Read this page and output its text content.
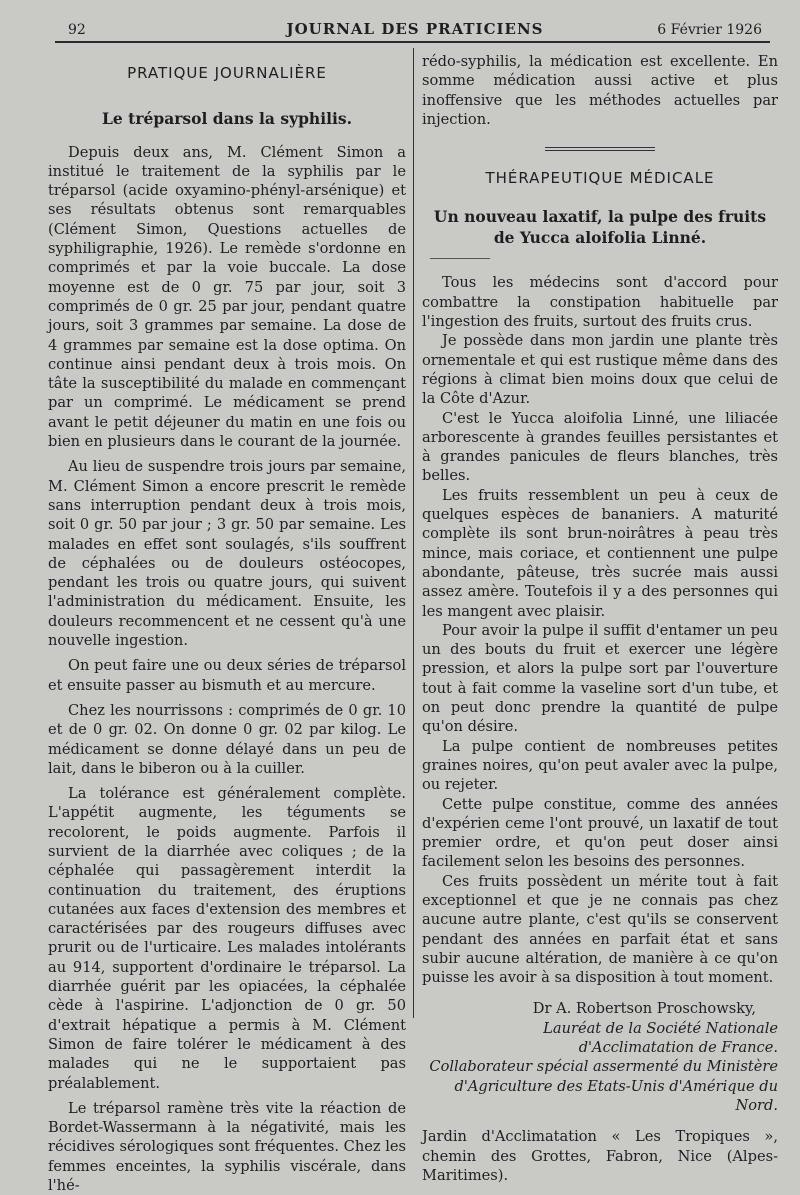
92	JOURNAL DES PRATICIENS	6 Février 1926
PRATIQUE JOURNALIÈRE
Le tréparsol dans la syphilis.

Depuis deux ans, M. Clément Simon a institué le traitement de la syphilis par le tréparsol (acide oxyamino-phényl-arsénique) et ses résultats obtenus sont remarquables (Clément Simon, Questions actuelles de syphiligraphie, 1926). Le remède s'ordonne en comprimés et par la voie buccale. La dose moyenne est de 0 gr. 75 par jour, soit 3 comprimés de 0 gr. 25 par jour, pendant quatre jours, soit 3 grammes par semaine. La dose de 4 grammes par semaine est la dose optima. On continue ainsi pendant deux à trois mois. On tâte la susceptibilité du malade en commençant par un comprimé. Le médicament se prend avant le petit déjeuner du matin en une fois ou bien en plusieurs dans le courant de la journée.

Au lieu de suspendre trois jours par semaine, M. Clément Simon a encore prescrit le remède sans interruption pendant deux à trois mois, soit 0 gr. 50 par jour ; 3 gr. 50 par semaine. Les malades en effet sont soulagés, s'ils souffrent de céphalées ou de douleurs ostéocopes, pendant les trois ou quatre jours, qui suivent l'administration du médicament. Ensuite, les douleurs recommencent et ne cessent qu'à une nouvelle ingestion.

On peut faire une ou deux séries de tréparsol et ensuite passer au bismuth et au mercure.

Chez les nourrissons : comprimés de 0 gr. 10 et de 0 gr. 02. On donne 0 gr. 02 par kilog. Le médicament se donne délayé dans un peu de lait, dans le biberon ou à la cuiller.

La tolérance est généralement complète. L'appétit augmente, les téguments se recolorent, le poids augmente. Parfois il survient de la diarrhée avec coliques ; de la céphalée qui passagèrement interdit la continuation du traitement, des éruptions cutanées aux faces d'extension des membres et caractérisées par des rougeurs diffuses avec prurit ou de l'urticaire. Les malades intolérants au 914, supportent d'ordinaire le tréparsol. La diarrhée guérit par les opiacées, la céphalée cède à l'aspirine. L'adjonction de 0 gr. 50 d'extrait hépatique a permis à M. Clément Simon de faire tolérer le médicament à des malades qui ne le supportaient pas préalablement.

Le tréparsol ramène très vite la réaction de Bordet-Wassermann à la négativité, mais les récidives sérologiques sont fréquentes. Chez les femmes enceintes, la syphilis viscérale, dans l'hé-

rédo-syphilis, la médication est excellente. En somme médication aussi active et plus inoffensive que les méthodes actuelles par injection.

THÉRAPEUTIQUE MÉDICALE
Un nouveau laxatif, la pulpe des fruits
de Yucca aloifolia Linné.

Tous les médecins sont d'accord pour combattre la constipation habituelle par l'ingestion des fruits, surtout des fruits crus.

Je possède dans mon jardin une plante très ornementale et qui est rustique même dans des régions à climat bien moins doux que celui de la Côte d'Azur.

C'est le Yucca aloifolia Linné, une liliacée arborescente à grandes feuilles persistantes et à grandes panicules de fleurs blanches, très belles.

Les fruits ressemblent un peu à ceux de quelques espèces de bananiers. A maturité complète ils sont brun-noirâtres à peau très mince, mais coriace, et contiennent une pulpe abondante, pâteuse, très sucrée mais aussi assez amère. Toutefois il y a des personnes qui les mangent avec plaisir.

Pour avoir la pulpe il suffit d'entamer un peu un des bouts du fruit et exercer une légère pression, et alors la pulpe sort par l'ouverture tout à fait comme la vaseline sort d'un tube, et on peut donc prendre la quantité de pulpe qu'on désire.

La pulpe contient de nombreuses petites graines noires, qu'on peut avaler avec la pulpe, ou rejeter.

Cette pulpe constitue, comme des années d'expérien ceme l'ont prouvé, un laxatif de tout premier ordre, et qu'on peut doser ainsi facilement selon les besoins des personnes.

Ces fruits possèdent un mérite tout à fait exceptionnel et que je ne connais pas chez aucune autre plante, c'est qu'ils se conservent pendant des années en parfait état et sans subir aucune altération, de manière à ce qu'on puisse les avoir à sa disposition à tout moment.

Dr A. Robertson Proschowsky,
Lauréat de la Société Nationale
d'Acclimatation de France.
Collaborateur spécial assermenté du Ministère
d'Agriculture des Etats-Unis d'Amérique du Nord.

Jardin d'Acclimatation « Les Tropiques », chemin des Grottes, Fabron, Nice (Alpes-Maritimes).
